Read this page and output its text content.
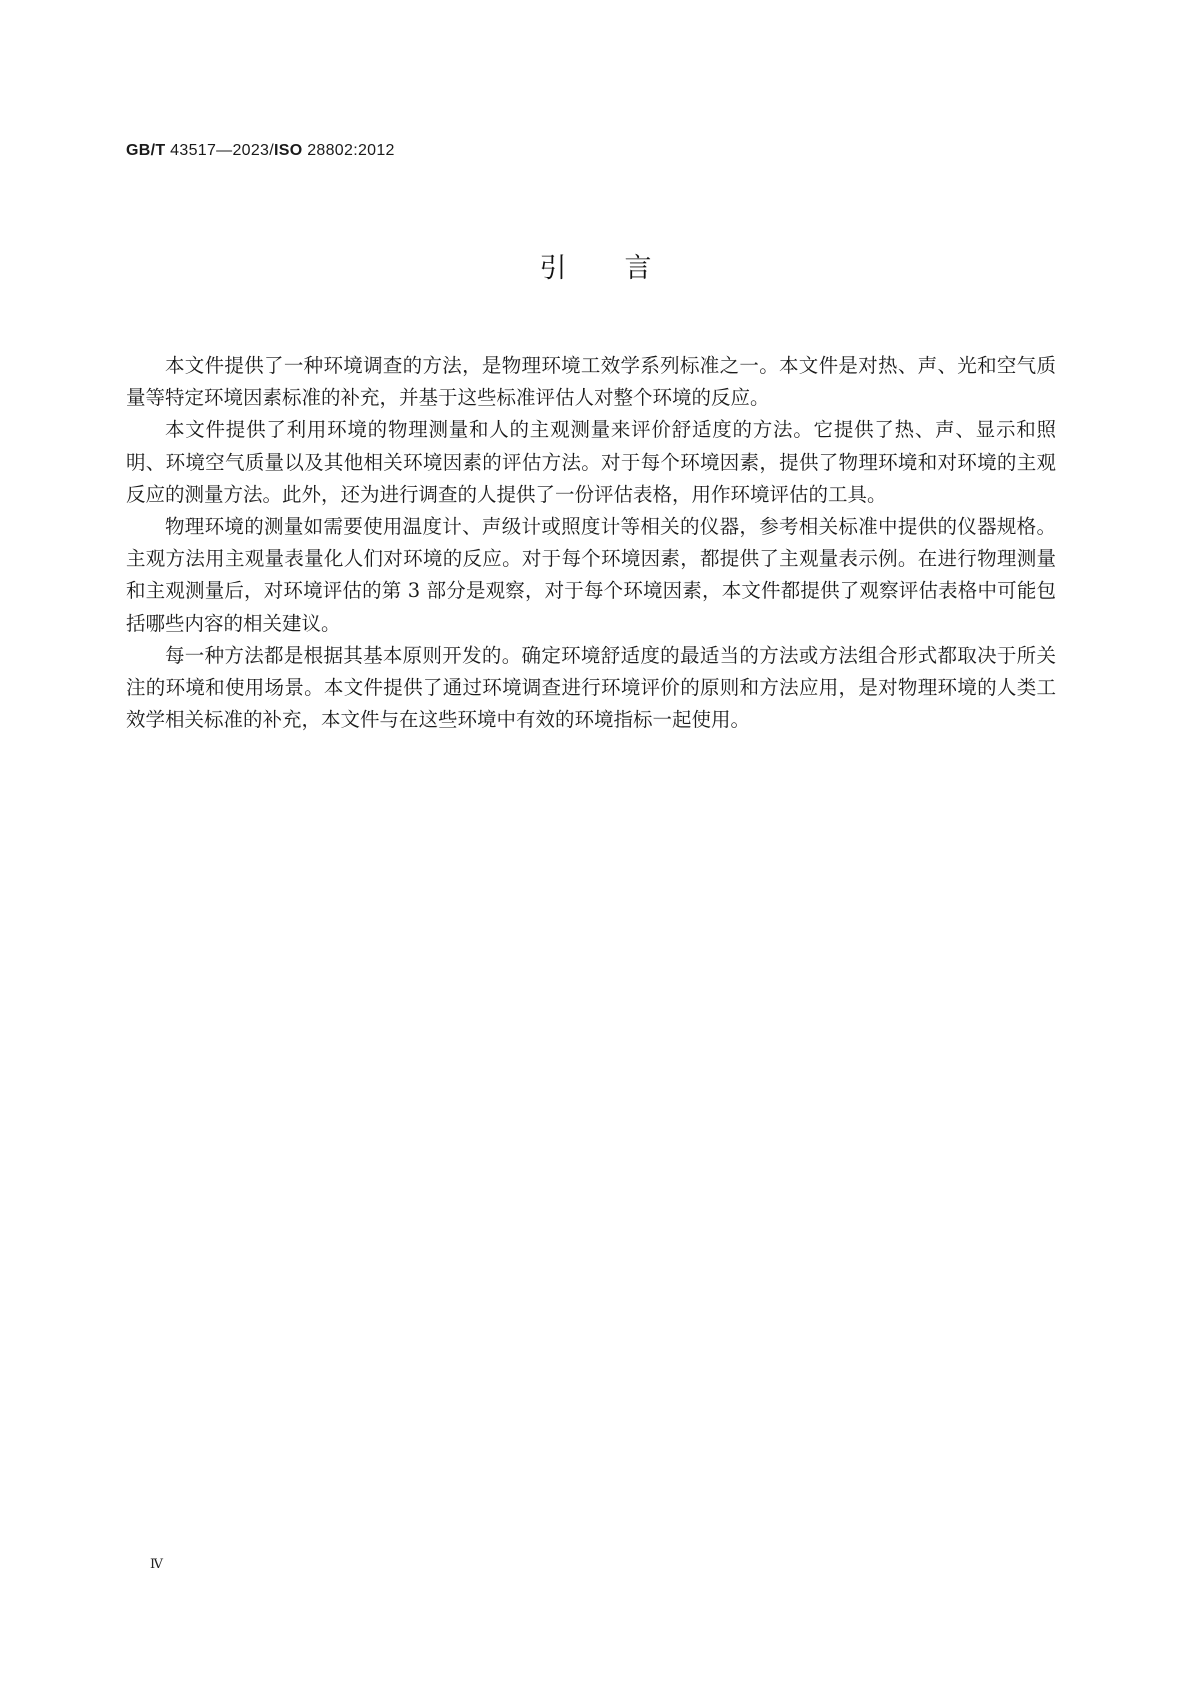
GB/T 43517—2023/ISO 28802:2012
引言

本文件提供了一种环境调查的方法，是物理环境工效学系列标准之一。本文件是对热、声、光和空气质量等特定环境因素标准的补充，并基于这些标准评估人对整个环境的反应。

本文件提供了利用环境的物理测量和人的主观测量来评价舒适度的方法。它提供了热、声、显示和照明、环境空气质量以及其他相关环境因素的评估方法。对于每个环境因素，提供了物理环境和对环境的主观反应的测量方法。此外，还为进行调查的人提供了一份评估表格，用作环境评估的工具。

物理环境的测量如需要使用温度计、声级计或照度计等相关的仪器，参考相关标准中提供的仪器规格。主观方法用主观量表量化人们对环境的反应。对于每个环境因素，都提供了主观量表示例。在进行物理测量和主观测量后，对环境评估的第 3 部分是观察，对于每个环境因素，本文件都提供了观察评估表格中可能包括哪些内容的相关建议。

每一种方法都是根据其基本原则开发的。确定环境舒适度的最适当的方法或方法组合形式都取决于所关注的环境和使用场景。本文件提供了通过环境调查进行环境评价的原则和方法应用，是对物理环境的人类工效学相关标准的补充，本文件与在这些环境中有效的环境指标一起使用。

Ⅳ
